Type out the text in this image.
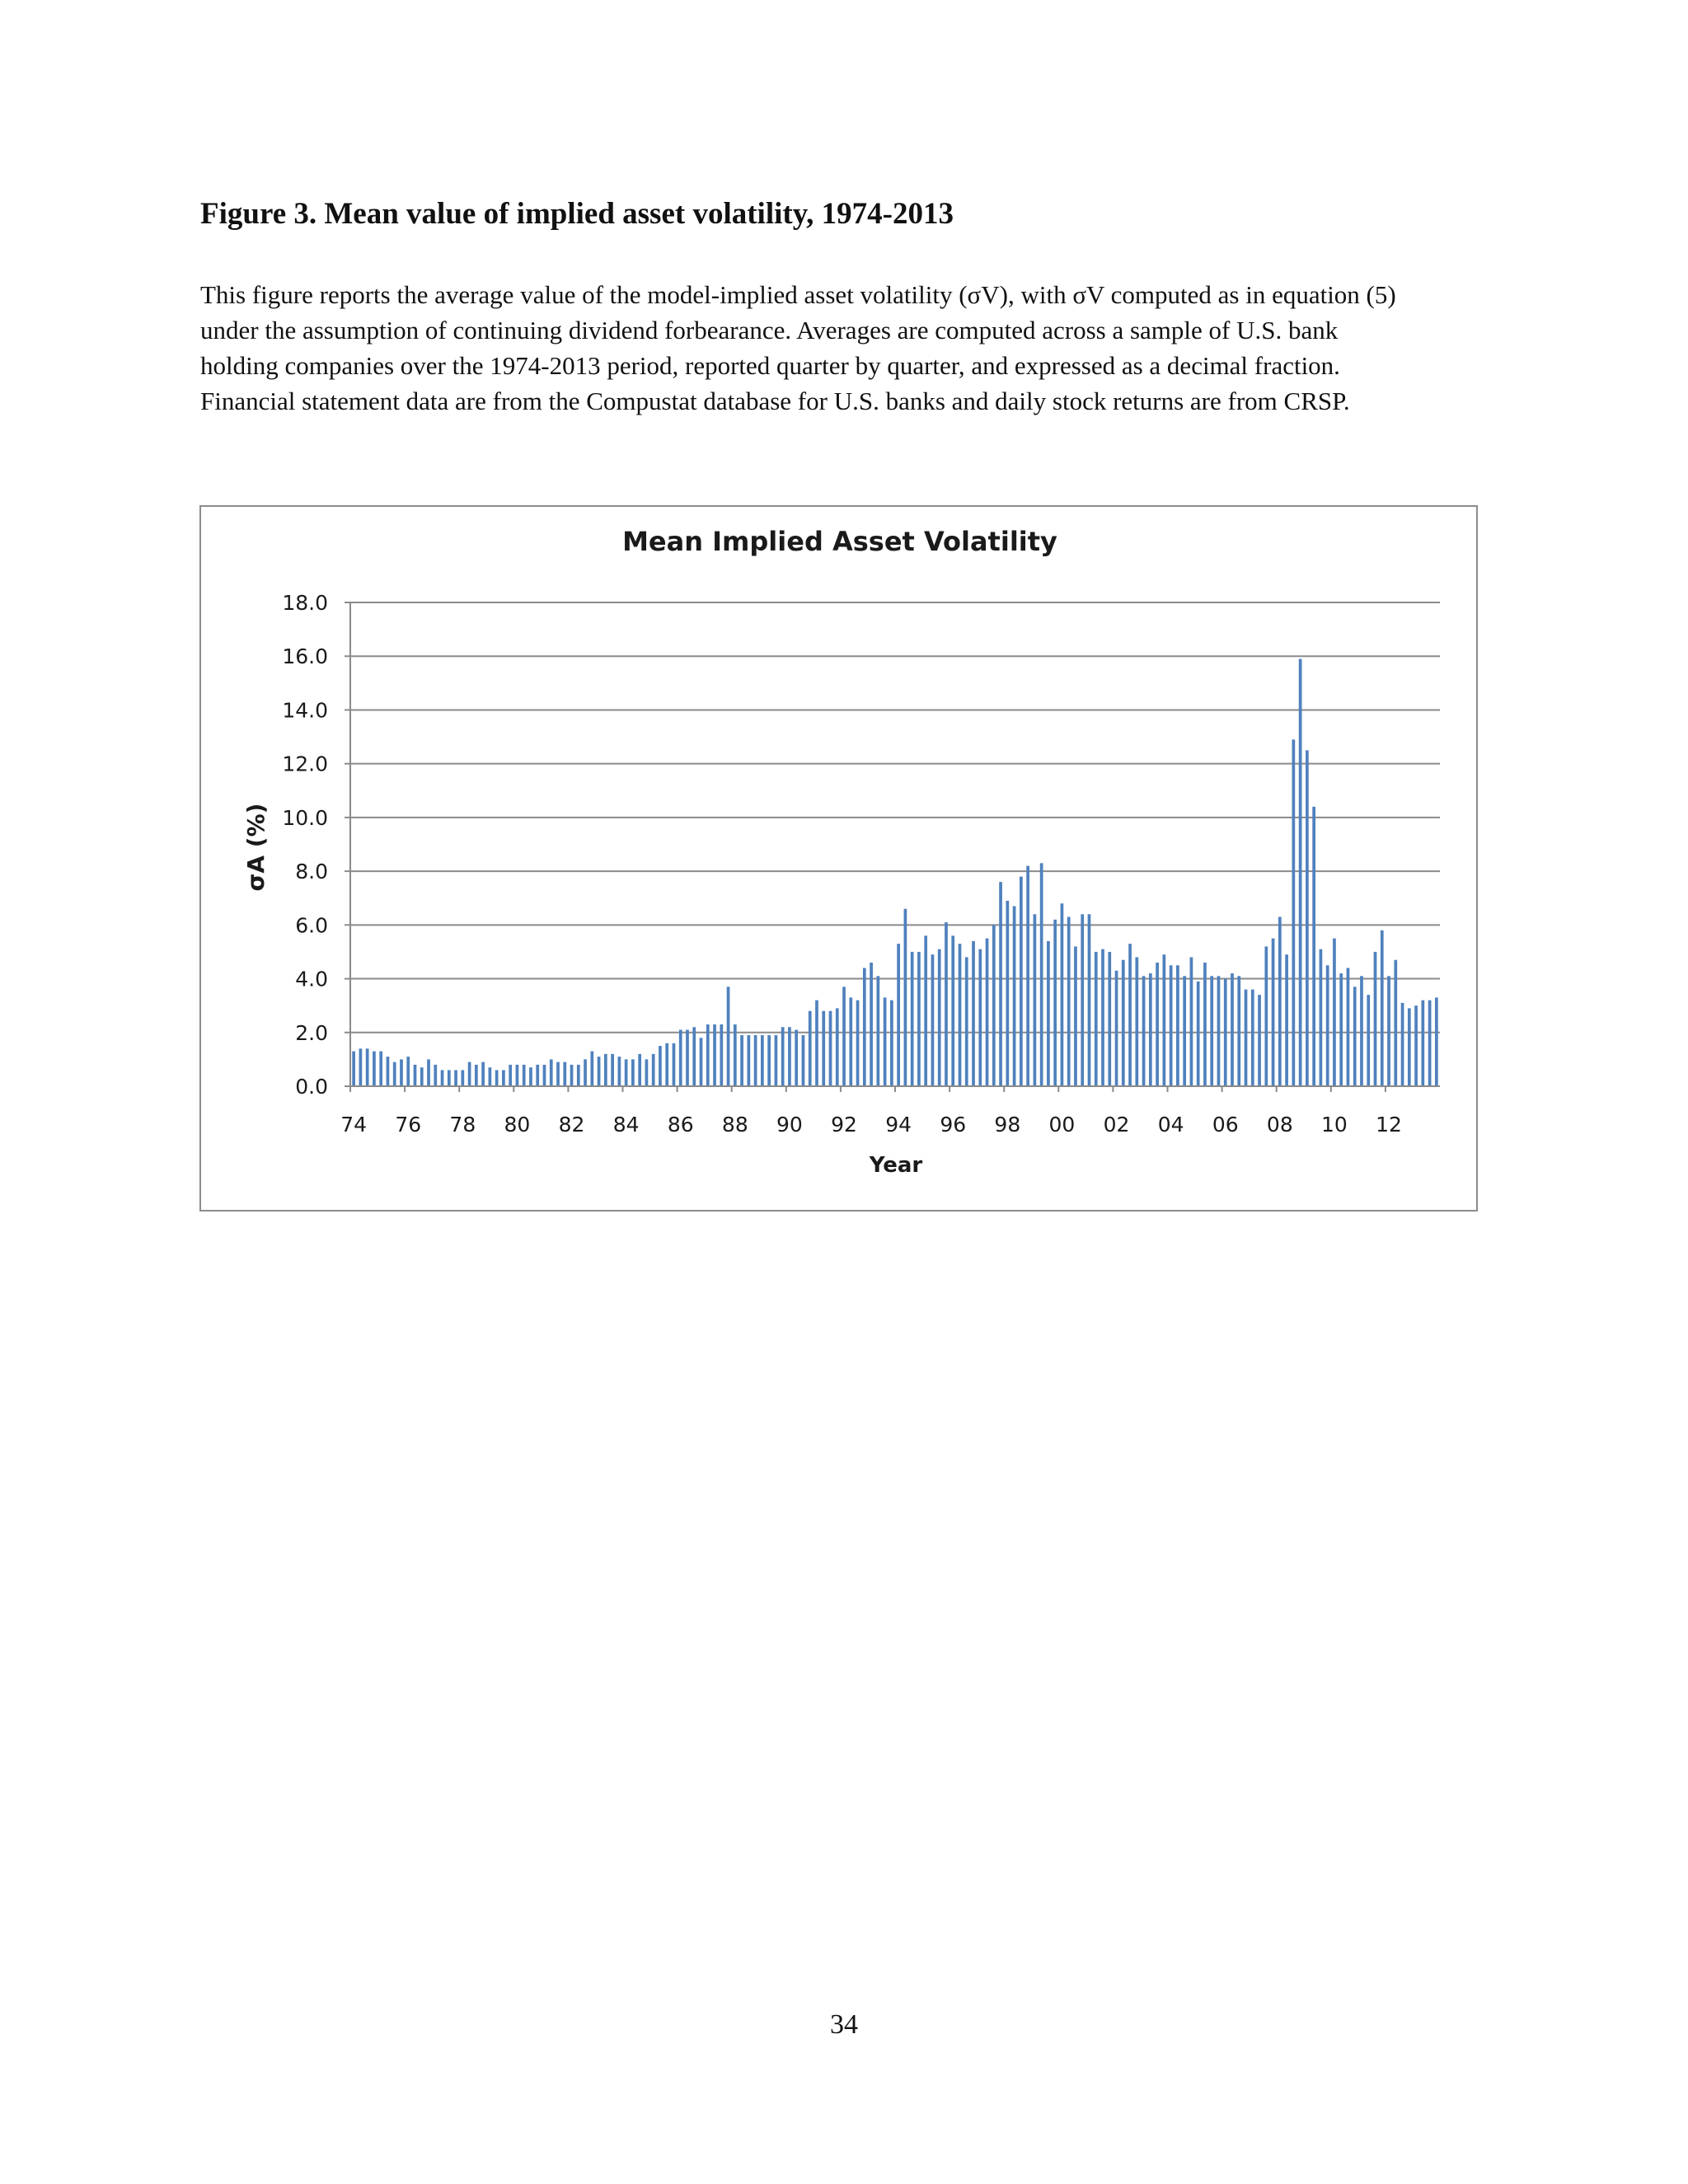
Figure 3. Mean value of implied asset volatility, 1974-2013

This figure reports the average value of the model-implied asset volatility (σV), with σV computed as in equation (5)

under the assumption of continuing dividend forbearance. Averages are computed across a sample of U.S. bank

holding companies over the 1974-2013 period, reported quarter by quarter, and expressed as a decimal fraction.

Financial statement data are from the Compustat database for U.S. banks and daily stock returns are from CRSP.

Mean Implied Asset Volatility
0.0
2.0
4.0
6.0
8.0
10.0
12.0
14.0
16.0
18.0
74 76 78 80 82 84 86 88 90 92 94 96 98 00 02 04 06 08 10 12
Year
σA (%)
34
